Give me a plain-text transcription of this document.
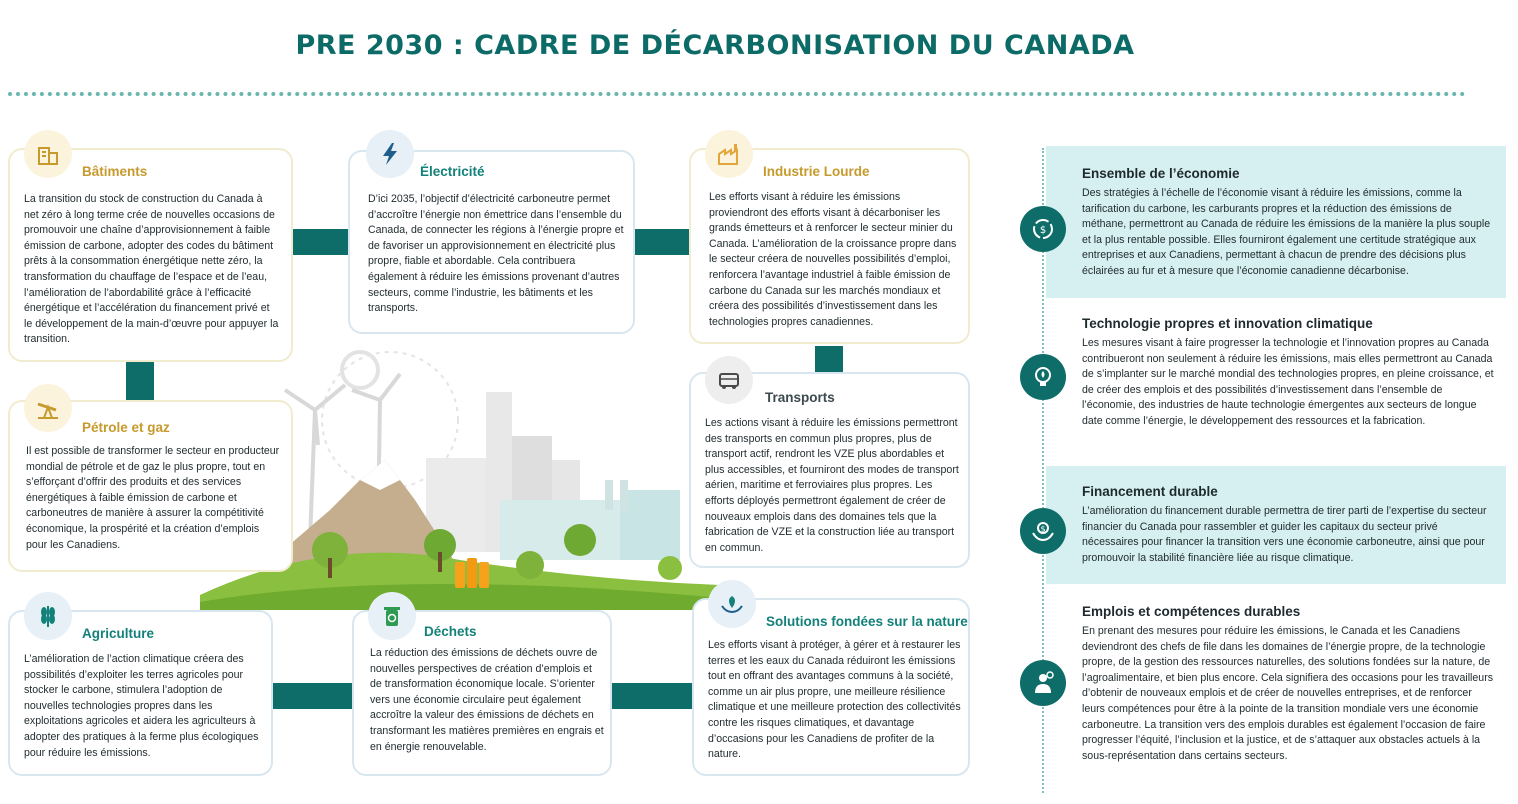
PRE 2030 : CADRE DE DÉCARBONISATION DU CANADA
Bâtiments
La transition du stock de construction du Canada à net zéro à long terme crée de nouvelles occasions de promouvoir une chaîne d’approvisionnement à faible émission de carbone, adopter des codes du bâtiment prêts à la consommation énergétique nette zéro, la transformation du chauffage de l’espace et de l’eau, l’amélioration de l’abordabilité grâce à l’efficacité énergétique et l’accélération du financement privé et le développement de la main-d’œuvre pour appuyer la transition.
Électricité
D’ici 2035, l’objectif d’électricité carboneutre permet d’accroître l’énergie non émettrice dans l’ensemble du Canada, de connecter les régions à l’énergie propre et de favoriser un approvisionnement en électricité plus propre, fiable et abordable. Cela contribuera également à réduire les émissions provenant d’autres secteurs, comme l’industrie, les bâtiments et les transports.
Industrie Lourde
Les efforts visant à réduire les émissions proviendront des efforts visant à décarboniser les grands émetteurs et à renforcer le secteur minier du Canada. L’amélioration de la croissance propre dans le secteur créera de nouvelles possibilités d’emploi, renforcera l’avantage industriel à faible émission de carbone du Canada sur les marchés mondiaux et créera des possibilités d’investissement dans les technologies propres canadiennes.
Pétrole et gaz
Il est possible de transformer le secteur en producteur mondial de pétrole et de gaz le plus propre, tout en s’efforçant d’offrir des produits et des services énergétiques à faible émission de carbone et carboneutres de manière à assurer la compétitivité économique, la prospérité et la création d’emplois pour les Canadiens.
Transports
Les actions visant à réduire les émissions permettront des transports en commun plus propres, plus de transport actif, rendront les VZE plus abordables et plus accessibles, et fourniront des modes de transport aérien, maritime et ferroviaires plus propres. Les efforts déployés permettront également de créer de nouveaux emplois dans des domaines tels que la fabrication de VZE et la construction liée au transport en commun.
Agriculture
L’amélioration de l’action climatique créera des possibilités d’exploiter les terres agricoles pour stocker le carbone, stimulera l’adoption de nouvelles technologies propres dans les exploitations agricoles et aidera les agriculteurs à adopter des pratiques à la ferme plus écologiques pour réduire les émissions.
Déchets
La réduction des émissions de déchets ouvre de nouvelles perspectives de création d’emplois et de transformation économique locale. S’orienter vers une économie circulaire peut également accroître la valeur des émissions de déchets en transformant les matières premières en engrais et en énergie renouvelable.
Solutions fondées sur la nature
Les efforts visant à protéger, à gérer et à restaurer les terres et les eaux du Canada réduiront les émissions tout en offrant des avantages communs à la société, comme un air plus propre, une meilleure résilience climatique et une meilleure protection des collectivités contre les risques climatiques, et davantage d’occasions pour les Canadiens de profiter de la nature.
Ensemble de l’économie
Des stratégies à l’échelle de l’économie visant à réduire les émissions, comme la tarification du carbone, les carburants propres et la réduction des émissions de méthane, permettront au Canada de réduire les émissions de la manière la plus souple et la plus rentable possible. Elles fourniront également une certitude stratégique aux entreprises et aux Canadiens, permettant à chacun de prendre des décisions plus éclairées au fur et à mesure que l’économie canadienne décarbonise.
$
Technologie propres et innovation climatique
Les mesures visant à faire progresser la technologie et l’innovation propres au Canada contribueront non seulement à réduire les émissions, mais elles permettront au Canada de s’implanter sur le marché mondial des technologies propres, en pleine croissance, et de créer des emplois et des possibilités d’investissement dans l’ensemble de l’économie, des industries de haute technologie émergentes aux secteurs de longue date comme l’énergie, le développement des ressources et la fabrication.
Financement durable
L’amélioration du financement durable permettra de tirer parti de l’expertise du secteur financier du Canada pour rassembler et guider les capitaux du secteur privé nécessaires pour financer la transition vers une économie carboneutre, ainsi que pour promouvoir la stabilité financière liée au risque climatique.
$
Emplois et compétences durables
En prenant des mesures pour réduire les émissions, le Canada et les Canadiens deviendront des chefs de file dans les domaines de l’énergie propre, de la technologie propre, de la gestion des ressources naturelles, des solutions fondées sur la nature, de l’agroalimentaire, et bien plus encore. Cela signifiera des occasions pour les travailleurs d’obtenir de nouveaux emplois et de créer de nouvelles entreprises, et de renforcer leurs compétences pour être à la pointe de la transition mondiale vers une économie carboneutre. La transition vers des emplois durables est également l’occasion de faire progresser l’équité, l’inclusion et la justice, et de s’attaquer aux obstacles actuels à la sous-représentation dans certains secteurs.
